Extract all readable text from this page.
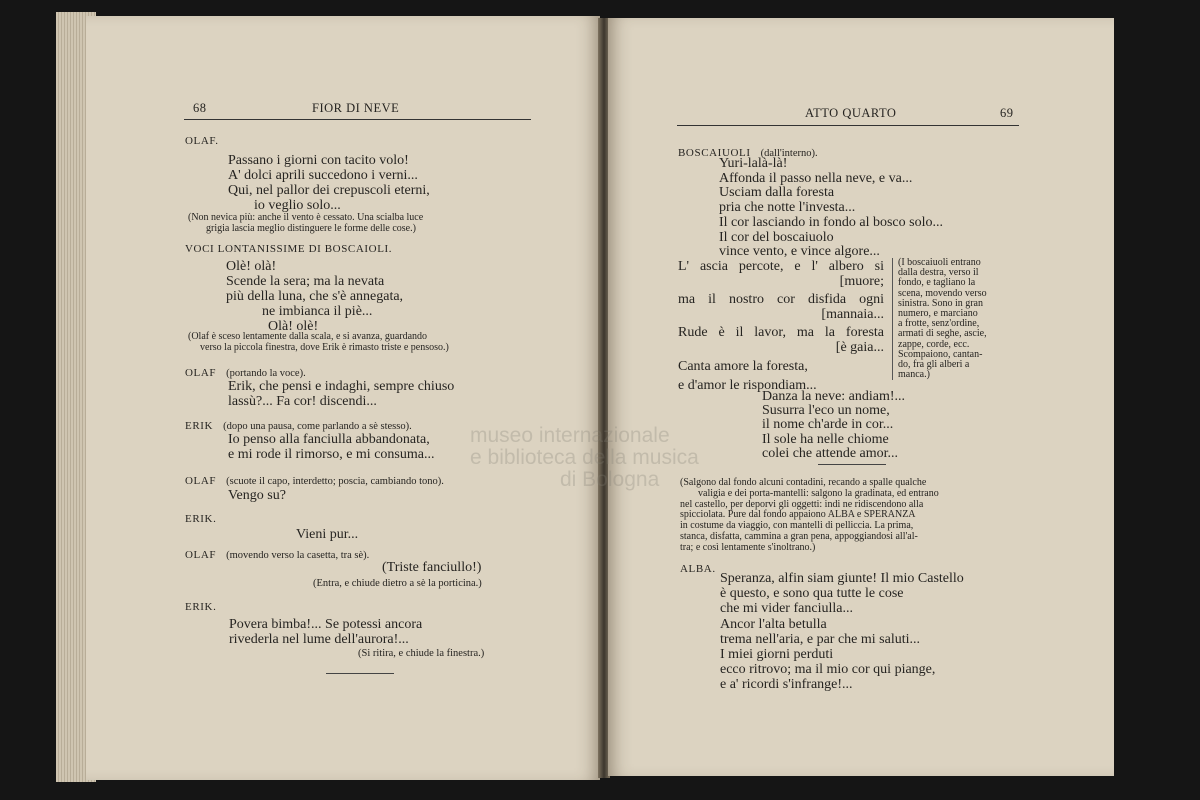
museo internazionale
e biblioteca della musica
di Bologna
68	FIOR DI NEVE
OLAF.
Passano i giorni con tacito volo!
A' dolci aprili succedono i verni...
Qui, nel pallor dei crepuscoli eterni,
io veglio solo...
(Non nevica più: anche il vento è cessato. Una scialba luce
grigia lascia meglio distinguere le forme delle cose.)
VOCI LONTANISSIME DI BOSCAIOLI.
Olè! olà!
Scende la sera; ma la nevata
più della luna, che s'è annegata,
ne imbianca il piè...
Olà! olè!
(Olaf è sceso lentamente dalla scala, e si avanza, guardando
verso la piccola finestra, dove Erik è rimasto triste e pensoso.)
OLAF (portando la voce).
Erik, che pensi e indaghi, sempre chiuso
lassù?... Fa cor! discendi...
ERIK (dopo una pausa, come parlando a sè stesso).
Io penso alla fanciulla abbandonata,
e mi rode il rimorso, e mi consuma...
OLAF (scuote il capo, interdetto; poscia, cambiando tono).
Vengo su?
ERIK.
Vieni pur...
OLAF (movendo verso la casetta, tra sè).
(Triste fanciullo!)
(Entra, e chiude dietro a sè la porticina.)
ERIK.
Povera bimba!... Se potessi ancora
rivederla nel lume dell'aurora!...
(Si ritira, e chiude la finestra.)
ATTO QUARTO	69
BOSCAIUOLI (dall'interno).
Yuri-lalà-là!
Affonda il passo nella neve, e va...
Usciam dalla foresta
pria che notte l'investa...
Il cor lasciando in fondo al bosco solo...
Il cor del boscaiuolo
vince vento, e vince algore...
L' ascia percote, e l' albero si
[muore;
ma il nostro cor disfida ogni
[mannaia...
Rude è il lavor, ma la foresta
[è gaia...
Canta amore la foresta,
e d'amor le rispondiam...
(I boscaiuoli entrano
dalla destra, verso il
fondo, e tagliano la
scena, movendo verso
sinistra. Sono in gran
numero, e marciano
a frotte, senz'ordine,
armati di seghe, ascie,
zappe, corde, ecc.
Scompaiono, cantan-
do, fra gli alberi a
manca.)
Danza la neve: andiam!...
Susurra l'eco un nome,
il nome ch'arde in cor...
Il sole ha nelle chiome
colei che attende amor...
(Salgono dal fondo alcuni contadini, recando a spalle qualche
valigia e dei porta-mantelli: salgono la gradinata, ed entrano
nel castello, per deporvi gli oggetti: indi ne ridiscendono alla
spicciolata. Pure dal fondo appaiono ALBA e SPERANZA
in costume da viaggio, con mantelli di pelliccia. La prima,
stanca, disfatta, cammina a gran pena, appoggiandosi all'al-
tra; e così lentamente s'inoltrano.)
ALBA.
Speranza, alfin siam giunte! Il mio Castello
è questo, e sono qua tutte le cose
che mi vider fanciulla...
Ancor l'alta betulla
trema nell'aria, e par che mi saluti...
I miei giorni perduti
ecco ritrovo; ma il mio cor qui piange,
e a' ricordi s'infrange!...
